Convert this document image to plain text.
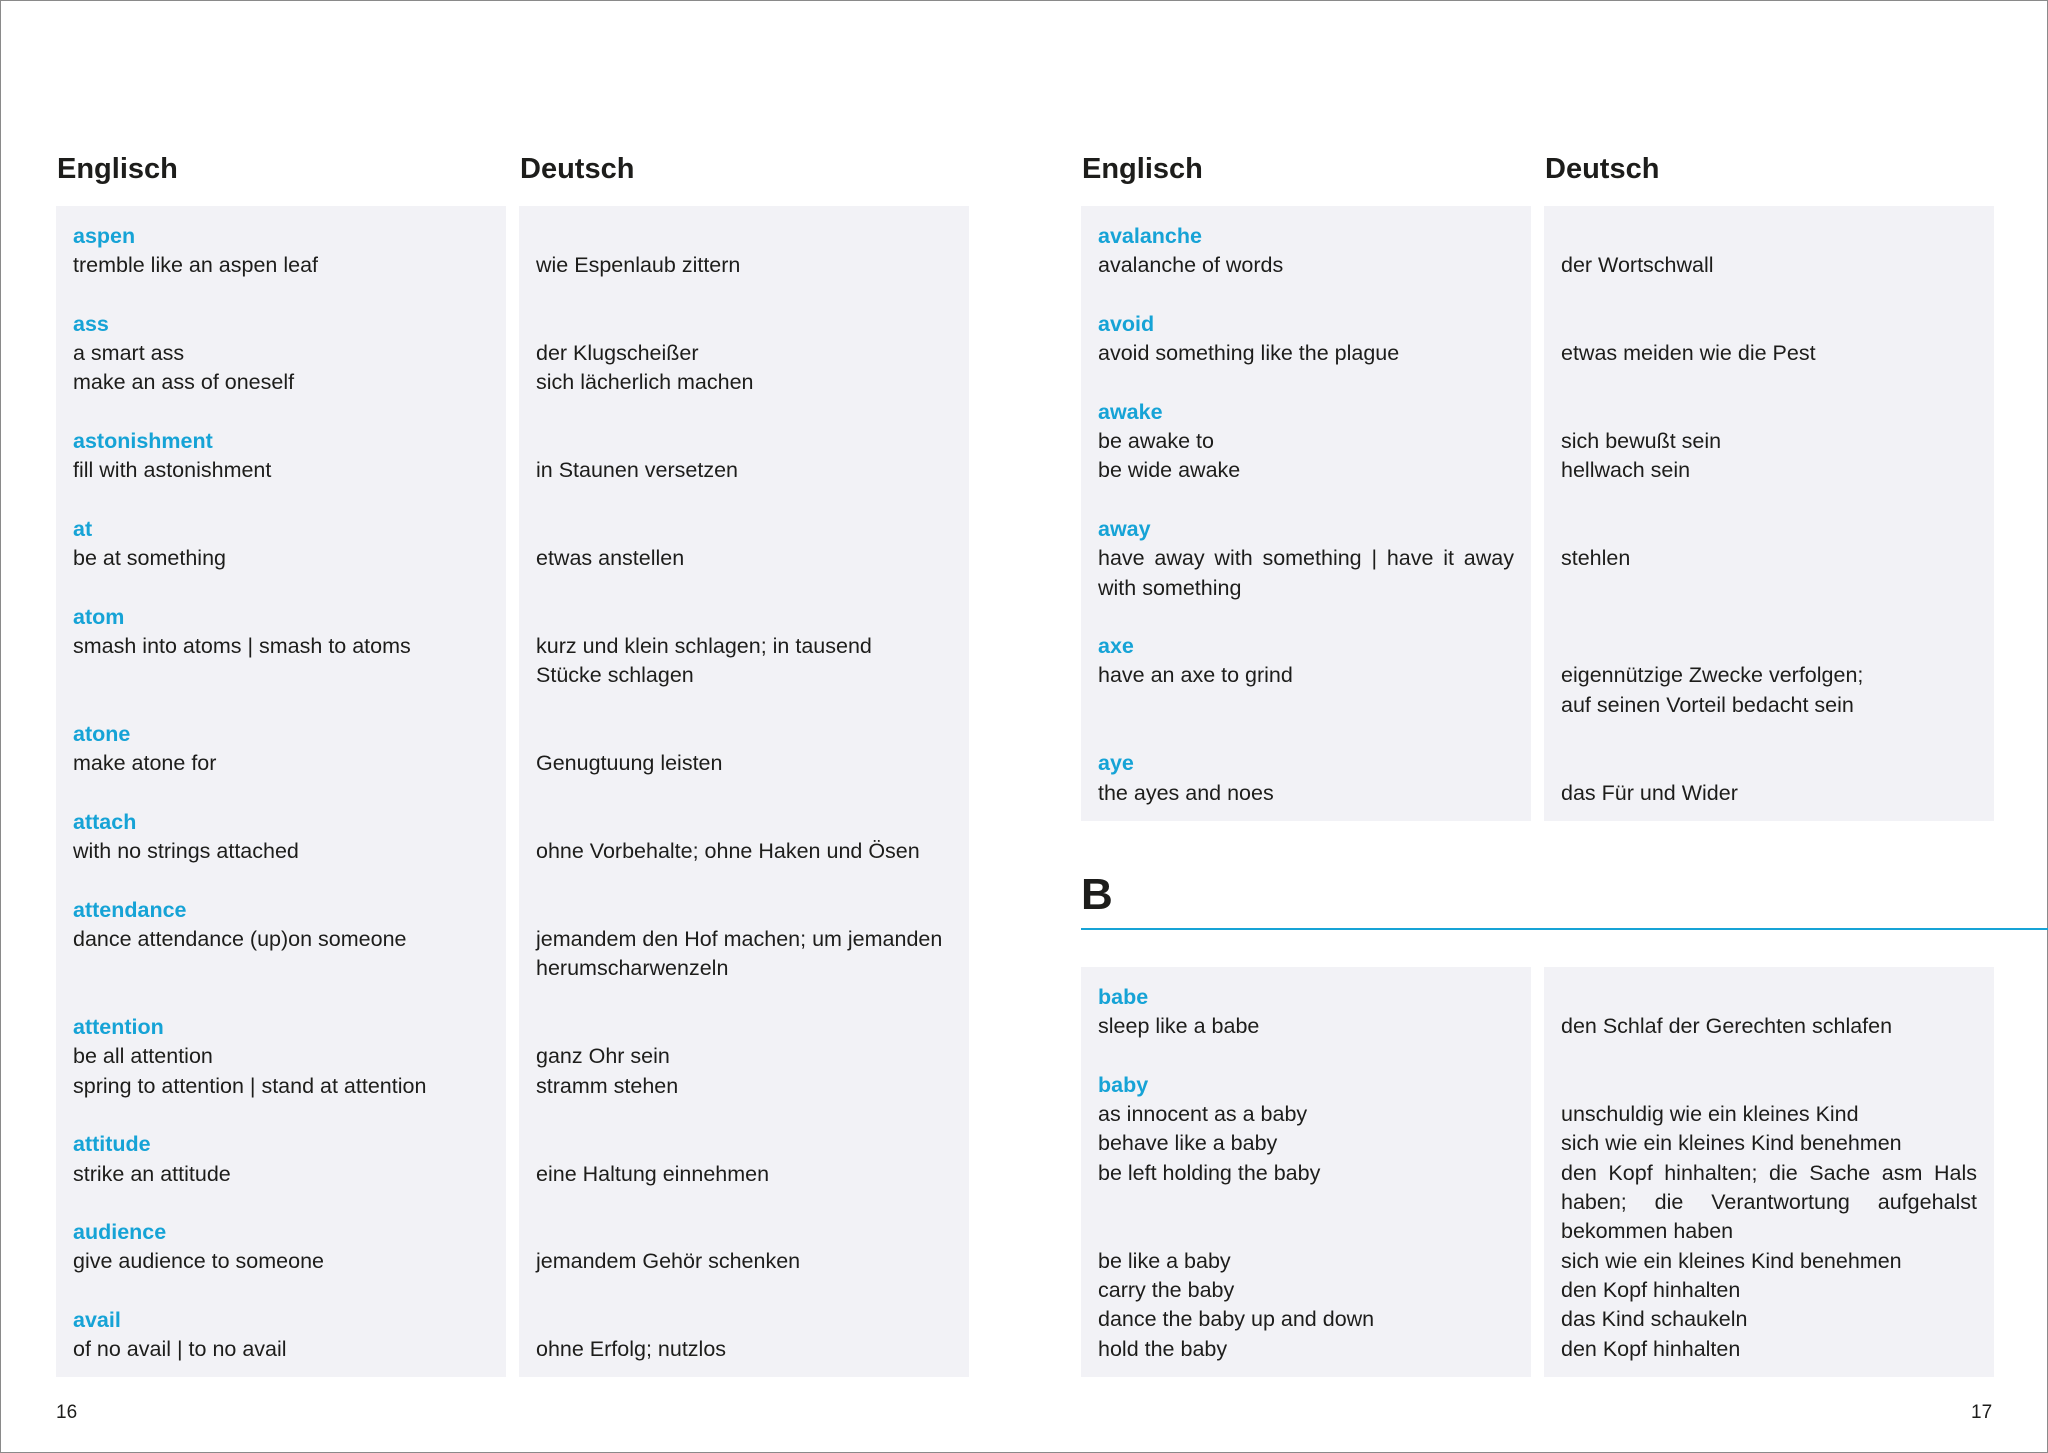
Englisch	Deutsch
aspen
tremble like an aspen leaf
ass
a smart ass
make an ass of oneself
astonishment
fill with astonishment
at
be at something
atom
smash into atoms | smash to atoms
atone
make atone for
attach
with no strings attached
attendance
dance attendance (up)on someone
attention
be all attention
spring to attention | stand at attention
attitude
strike an attitude
audience
give audience to someone
avail
of no avail | to no avail
wie Espenlaub zittern
der Klugscheißer
sich lächerlich machen
in Staunen versetzen
etwas anstellen
kurz und klein schlagen; in tausend
Stücke schlagen
Genugtuung leisten
ohne Vorbehalte; ohne Haken und Ösen
jemandem den Hof machen; um jemanden
herumscharwenzeln
ganz Ohr sein
stramm stehen
eine Haltung einnehmen
jemandem Gehör schenken
ohne Erfolg; nutzlos
16
Englisch	Deutsch
avalanche
avalanche of words
avoid
avoid something like the plague
awake
be awake to
be wide awake
away
have away with something | have it away with something
axe
have an axe to grind
aye
the ayes and noes
der Wortschwall
etwas meiden wie die Pest
sich bewußt sein
hellwach sein
stehlen
eigennützige Zwecke verfolgen;
auf seinen Vorteil bedacht sein
das Für und Wider
B
babe
sleep like a babe
baby
as innocent as a baby
behave like a baby
be left holding the baby
be like a baby
carry the baby
dance the baby up and down
hold the baby
den Schlaf der Gerechten schlafen
unschuldig wie ein kleines Kind
sich wie ein kleines Kind benehmen
den Kopf hinhalten; die Sache asm Hals haben; die Verantwortung aufgehalst bekommen haben
sich wie ein kleines Kind benehmen
den Kopf hinhalten
das Kind schaukeln
den Kopf hinhalten
17
